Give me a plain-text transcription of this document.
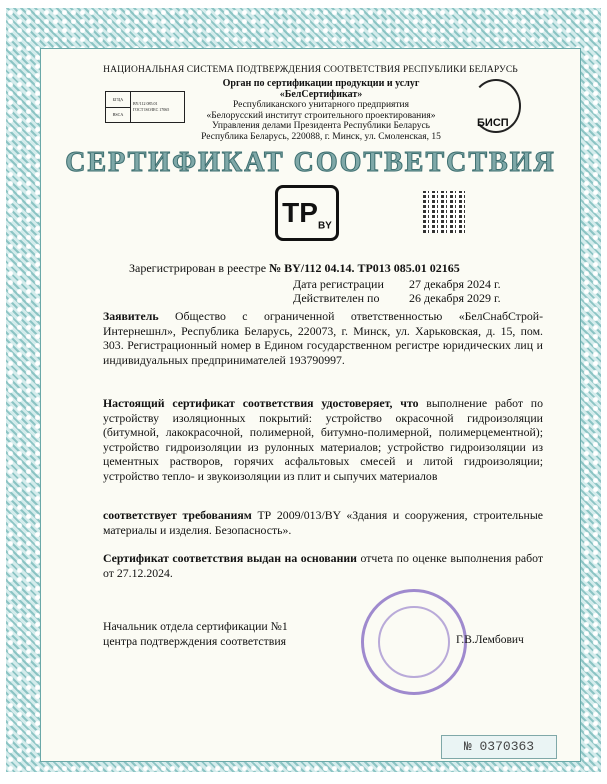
НАЦИОНАЛЬНАЯ СИСТЕМА ПОДТВЕРЖДЕНИЯ СООТВЕТСТВИЯ РЕСПУБЛИКИ БЕЛАРУСЬ
БГЦА
BSCA
BY/112 085.01
ГОСТ ISO/IEC 17065
Орган по сертификации продукции и услуг
«БелСертификат»
Республиканского унитарного предприятия
«Белорусский институт строительного проектирования»
Управления делами Президента Республики Беларусь
Республика Беларусь, 220088, г. Минск, ул. Смоленская, 15
БИСП
СЕРТИФИКАТ СООТВЕТСТВИЯ
$TP_{BY}$
Зарегистрирован в реестре № BY/112 04.14. ТР013 085.01 02165
Дата регистрации 27 декабря 2024 г.
Действителен по 26 декабря 2029 г.
Заявитель Общество с ограниченной ответственностью «БелСнабСтрой-Интернешнл», Республика Беларусь, 220073, г. Минск, ул. Харьковская, д. 15, пом. 303. Регистрационный номер в Едином государственном регистре юридических лиц и индивидуальных предпринимателей 193790997.
Настоящий сертификат соответствия удостоверяет, что выполнение работ по устройству изоляционных покрытий: устройство окрасочной гидроизоляции (битумной, лакокрасочной, полимерной, битумно-полимерной, полимерцементной); устройство гидроизоляции из рулонных материалов; устройство гидроизоляции из цементных растворов, горячих асфальтовых смесей и литой гидроизоляции; устройство тепло- и звукоизоляции из плит и сыпучих материалов
соответствует требованиям ТР 2009/013/BY «Здания и сооружения, строительные материалы и изделия. Безопасность».
Сертификат соответствия выдан на основании отчета по оценке выполнения работ от 27.12.2024.
Начальник отдела сертификации №1
центра подтверждения соответствия	Г.В.Лембович
№ 0370363
